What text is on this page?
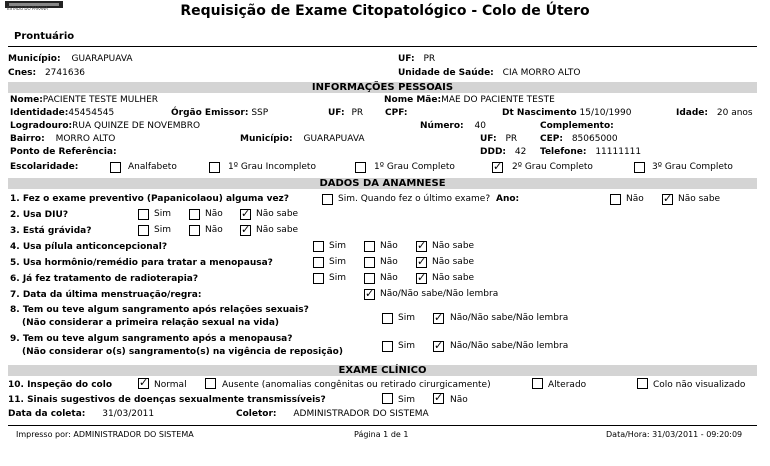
ESTADO DO PARANA	Requisição de Exame Citopatológico - Colo de Útero
Prontuário
Município: GUARAPUAVA	UF: PR
Cnes: 2741636	Unidade de Saúde: CIA MORRO ALTO
INFORMAÇÕES PESSOAIS
Nome:PACIENTE TESTE MULHER	Nome Mãe:MAE DO PACIENTE TESTE
Identidade:45454545	Órgão Emissor: SSP	UF: PR CPF:	Dt Nascimento 15/10/1990	Idade: 20 anos
Logradouro:RUA QUINZE DE NOVEMBRO	Número: 40	Complemento:
Bairro: MORRO ALTO	Município: GUARAPUAVA	UF: PR	CEP: 85065000
Ponto de Referência:	DDD: 42 Telefone: 11111111
Escolaridade:	Analfabeto	1º Grau Incompleto	1º Grau Completo	✓ 2º Grau Completo	3º Grau Completo
DADOS DA ANAMNESE
1. Fez o exame preventivo (Papanicolaou) alguma vez?	Sim. Quando fez o último exame? Ano:	Não ✓ Não sabe
2. Usa DIU?	Sim	Não ✓ Não sabe
3. Está grávida?	Sim	Não ✓ Não sabe
4. Usa pílula anticoncepcional?	Sim	Não ✓ Não sabe
5. Usa hormônio/remédio para tratar a menopausa?	Sim	Não ✓ Não sabe
6. Já fez tratamento de radioterapia?	Sim	Não ✓ Não sabe
7. Data da última menstruação/regra:	✓ Não/Não sabe/Não lembra
8. Tem ou teve algum sangramento após relações sexuais?
(Não considerar a primeira relação sexual na vida)	Sim ✓ Não/Não sabe/Não lembra
9. Tem ou teve algum sangramento após a menopausa?
(Não considerar o(s) sangramento(s) na vigência de reposição)
Sim ✓ Não/Não sabe/Não lembra
EXAME CLÍNICO
10. Inspeção do colo ✓ Normal	Ausente (anomalias congênitas ou retirado cirurgicamente)	Alterado	Colo não visualizado
11. Sinais sugestivos de doenças sexualmente transmissíveis?	Sim ✓ Não
Data da coleta: 31/03/2011	Coletor: ADMINISTRADOR DO SISTEMA
Impresso por: ADMINISTRADOR DO SISTEMA	Página 1 de 1	Data/Hora: 31/03/2011 - 09:20:09
